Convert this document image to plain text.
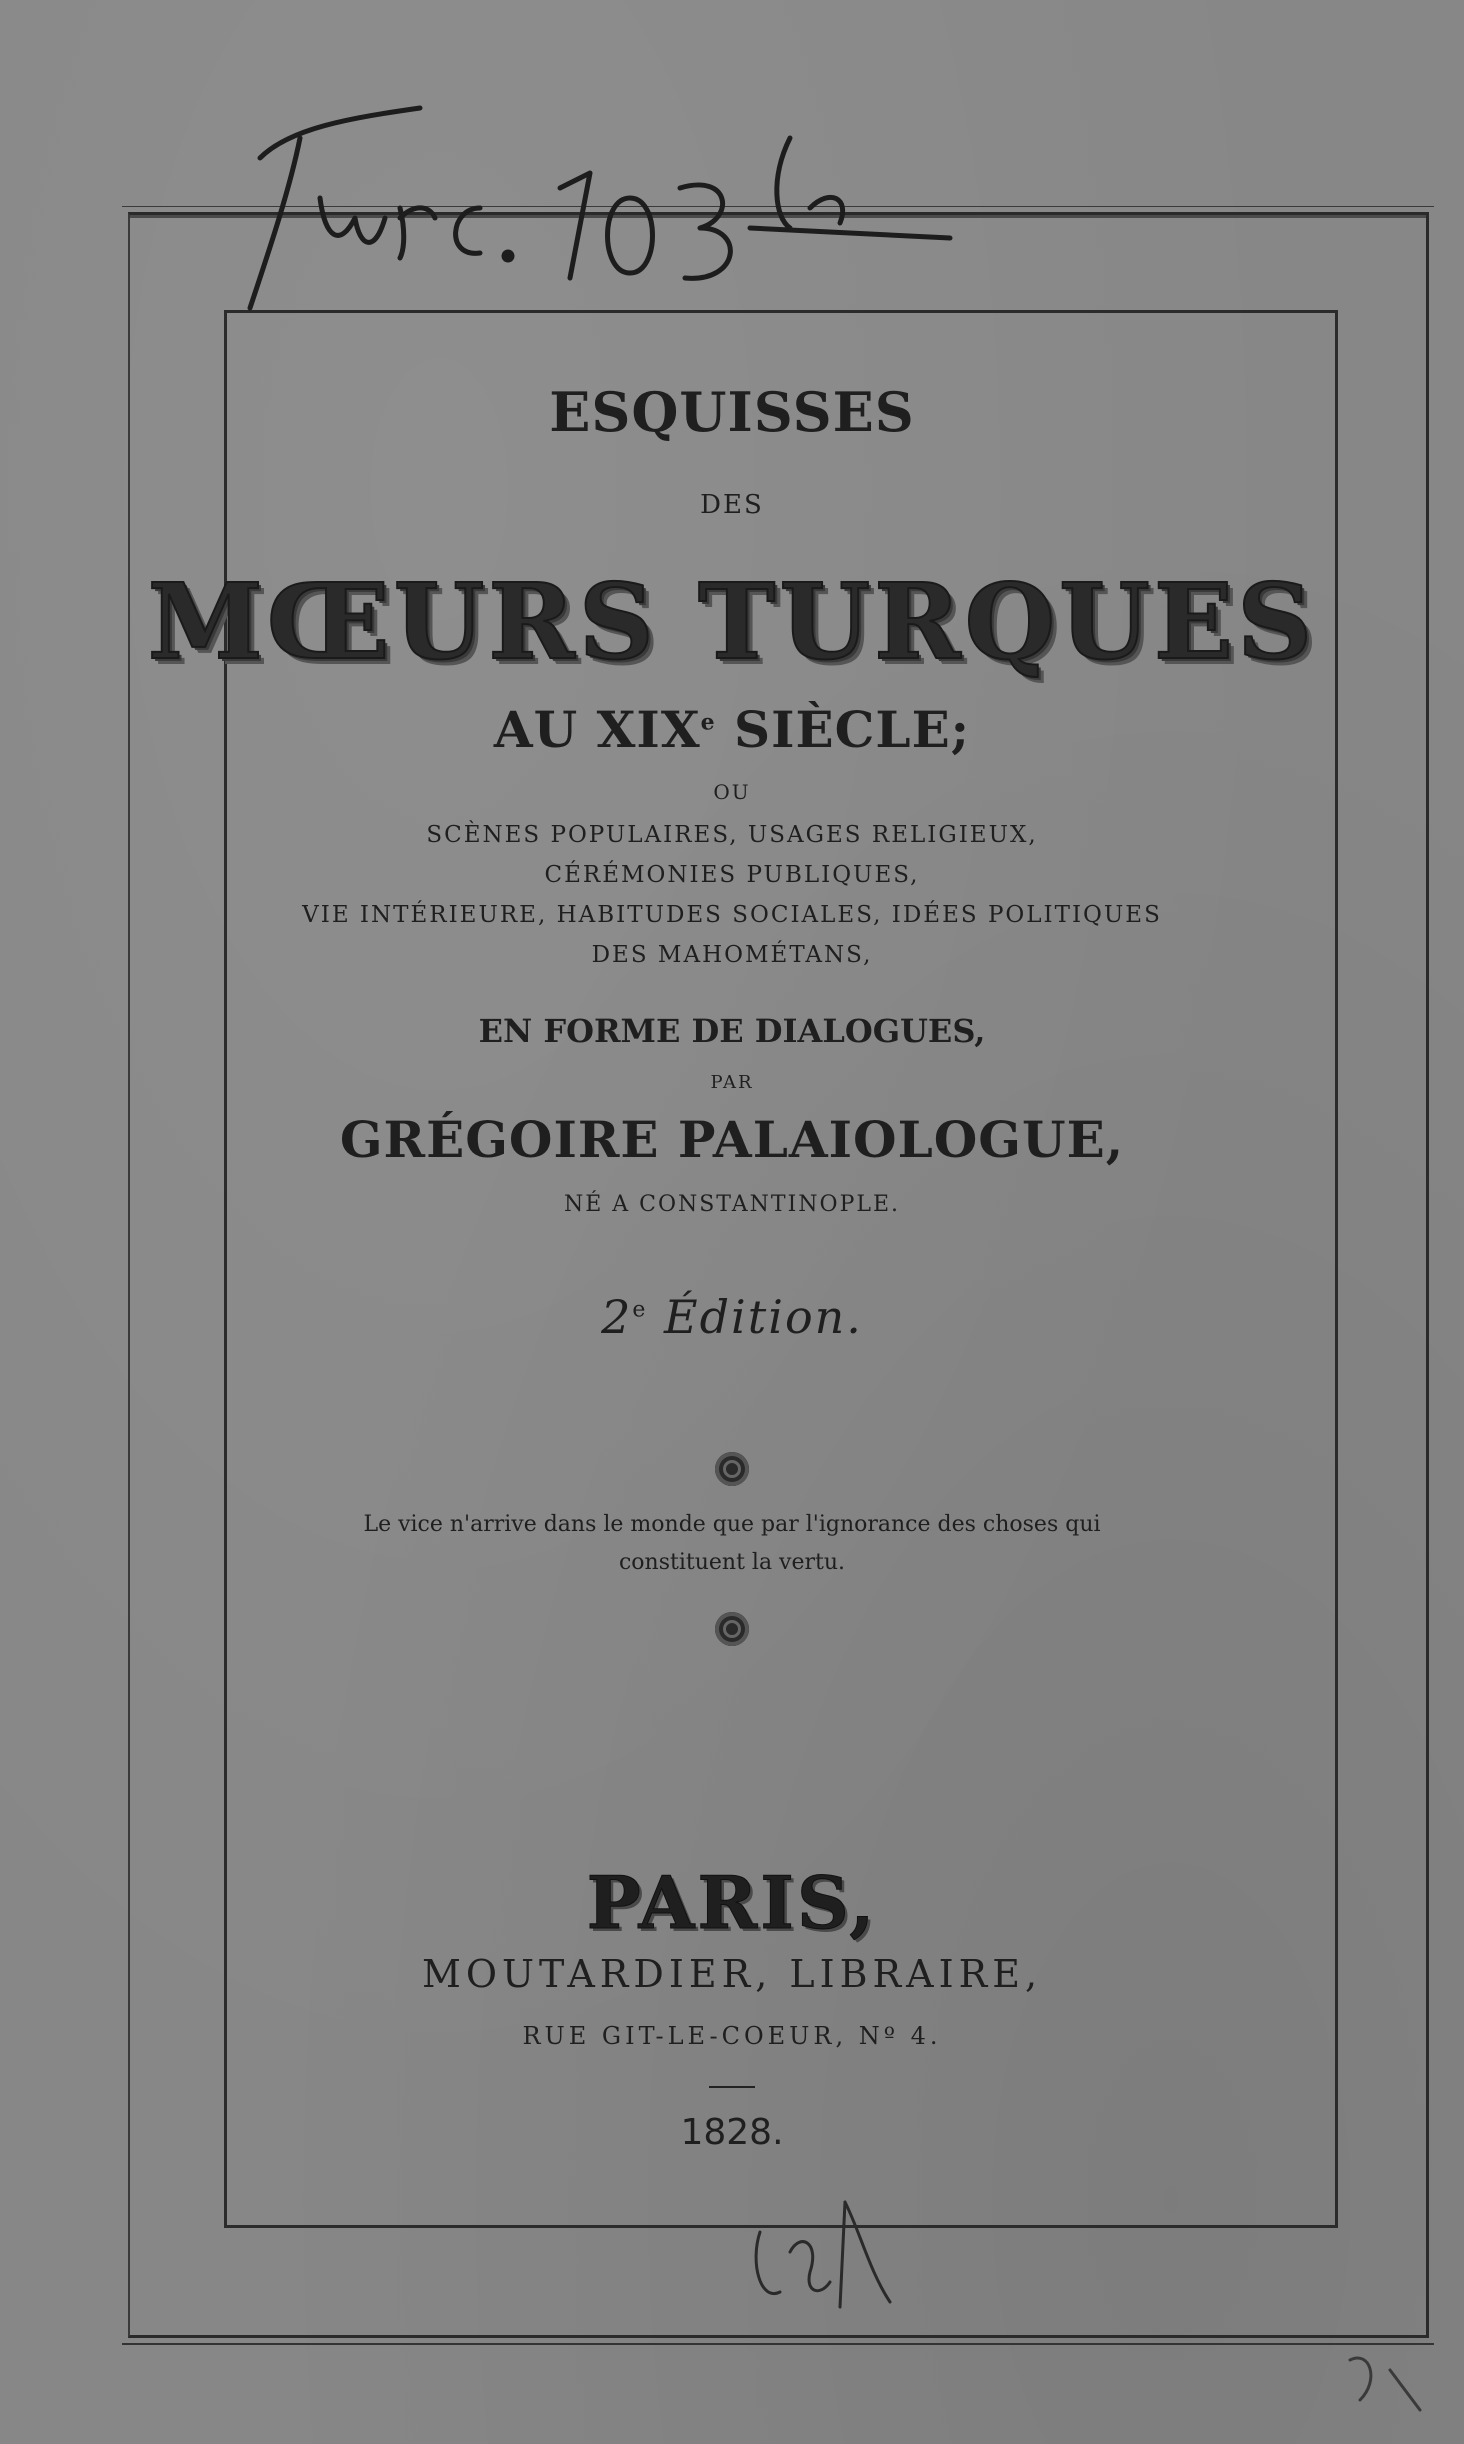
ESQUISSES
DES
MŒURS TURQUES
AU XIXe SIÈCLE;
OU
SCÈNES POPULAIRES, USAGES RELIGIEUX,
CÉRÉMONIES PUBLIQUES,
VIE INTÉRIEURE, HABITUDES SOCIALES, IDÉES POLITIQUES
DES MAHOMÉTANS,
EN FORME DE DIALOGUES,
PAR
GRÉGOIRE PALAIOLOGUE,
NÉ A CONSTANTINOPLE.
2e Édition.
Le vice n'arrive dans le monde que par l'ignorance des choses qui
constituent la vertu.
PARIS,
MOUTARDIER, LIBRAIRE,
RUE GIT-LE-COEUR, Nº 4.
1828.
